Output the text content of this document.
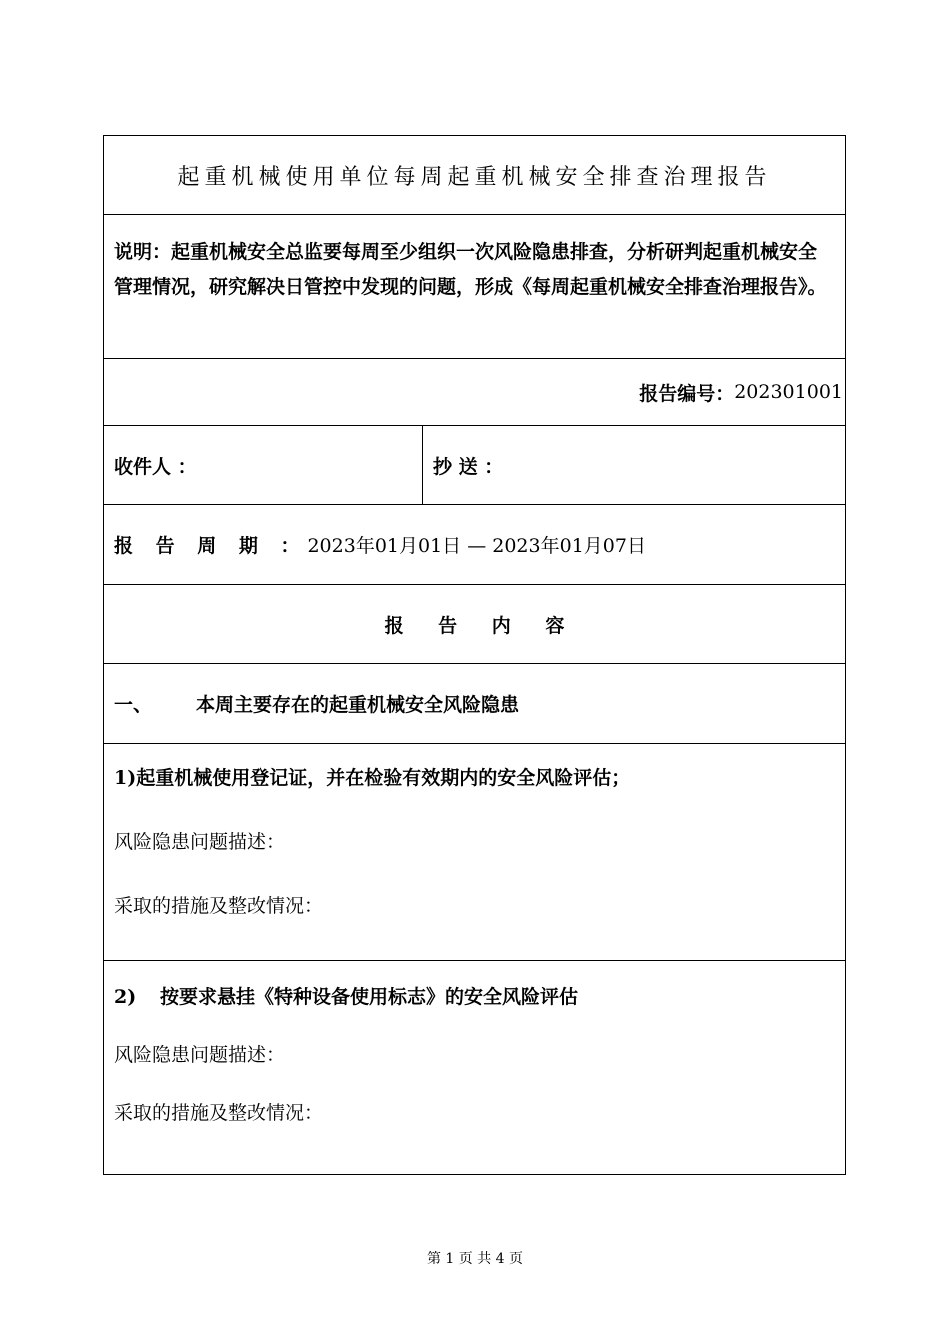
起重机械使用单位每周起重机械安全排查治理报告
说明：起重机械安全总监要每周至少组织一次风险隐患排查，分析研判起重机械安全管理情况，研究解决日管控中发现的问题，形成《每周起重机械安全排查治理报告》。
报告编号： 202301001
收件人 ：	抄 送 ：
报 告 周 期 ： 2023年01月01日 — 2023年01月07日
报 告 内 容
一、	本周主要存在的起重机械安全风险隐患
1)起重机械使用登记证，并在检验有效期内的安全风险评估；
风险隐患问题描述：
采取的措施及整改情况：
2) 按要求悬挂《特种设备使用标志》的安全风险评估
风险隐患问题描述：
采取的措施及整改情况：
第 1 页 共 4 页
